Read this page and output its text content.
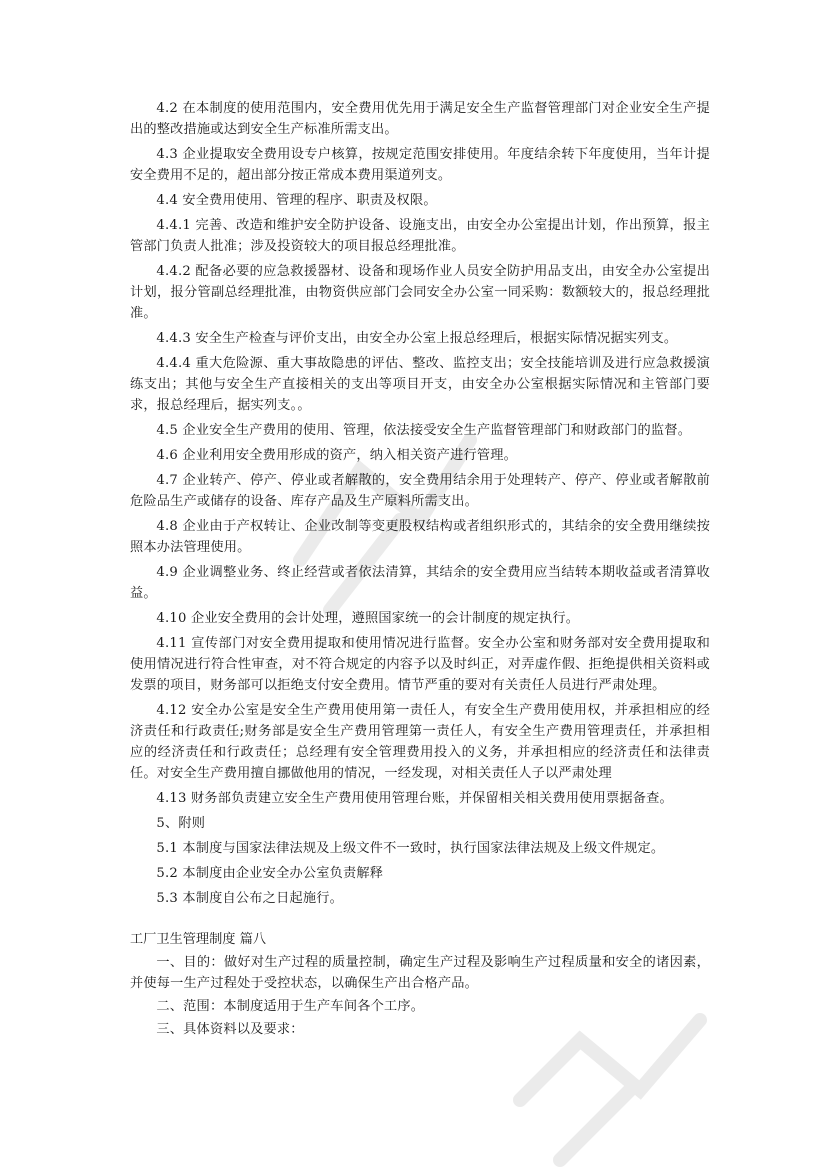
4.2 在本制度的使用范围内，安全费用优先用于满足安全生产监督管理部门对企业安全生产提出的整改措施或达到安全生产标准所需支出。

4.3 企业提取安全费用设专户核算，按规定范围安排使用。年度结余转下年度使用，当年计提安全费用不足的，超出部分按正常成本费用渠道列支。

4.4 安全费用使用、管理的程序、职责及权限。

4.4.1 完善、改造和维护安全防护设备、设施支出，由安全办公室提出计划，作出预算，报主管部门负责人批准；涉及投资较大的项目报总经理批准。

4.4.2 配备必要的应急救援器材、设备和现场作业人员安全防护用品支出，由安全办公室提出计划，报分管副总经理批准，由物资供应部门会同安全办公室一同采购：数额较大的，报总经理批准。

4.4.3 安全生产检查与评价支出，由安全办公室上报总经理后，根据实际情况据实列支。

4.4.4 重大危险源、重大事故隐患的评估、整改、监控支出；安全技能培训及进行应急救援演练支出；其他与安全生产直接相关的支出等项目开支，由安全办公室根据实际情况和主管部门要求，报总经理后，据实列支。。

4.5 企业安全生产费用的使用、管理，依法接受安全生产监督管理部门和财政部门的监督。

4.6 企业利用安全费用形成的资产，纳入相关资产进行管理。

4.7 企业转产、停产、停业或者解散的，安全费用结余用于处理转产、停产、停业或者解散前危险品生产或储存的设备、库存产品及生产原料所需支出。

4.8 企业由于产权转让、企业改制等变更股权结构或者组织形式的，其结余的安全费用继续按照本办法管理使用。

4.9 企业调整业务、终止经营或者依法清算，其结余的安全费用应当结转本期收益或者清算收益。

4.10 企业安全费用的会计处理，遵照国家统一的会计制度的规定执行。

4.11 宣传部门对安全费用提取和使用情况进行监督。安全办公室和财务部对安全费用提取和使用情况进行符合性审查，对不符合规定的内容予以及时纠正，对弄虚作假、拒绝提供相关资料或发票的项目，财务部可以拒绝支付安全费用。情节严重的要对有关责任人员进行严肃处理。

4.12 安全办公室是安全生产费用使用第一责任人，有安全生产费用使用权，并承担相应的经济责任和行政责任;财务部是安全生产费用管理第一责任人，有安全生产费用管理责任，并承担相应的经济责任和行政责任；总经理有安全管理费用投入的义务，并承担相应的经济责任和法律责任。对安全生产费用擅自挪做他用的情况，一经发现，对相关责任人子以严肃处理

4.13 财务部负责建立安全生产费用使用管理台账，并保留相关相关费用使用票据备查。

5、附则

5.1 本制度与国家法律法规及上级文件不一致时，执行国家法律法规及上级文件规定。

5.2 本制度由企业安全办公室负责解释

5.3 本制度自公布之日起施行。

工厂卫生管理制度 篇八

一、目的：做好对生产过程的质量控制，确定生产过程及影响生产过程质量和安全的诸因素，并使每一生产过程处于受控状态，以确保生产出合格产品。

二、范围：本制度适用于生产车间各个工序。

三、具体资料以及要求：
